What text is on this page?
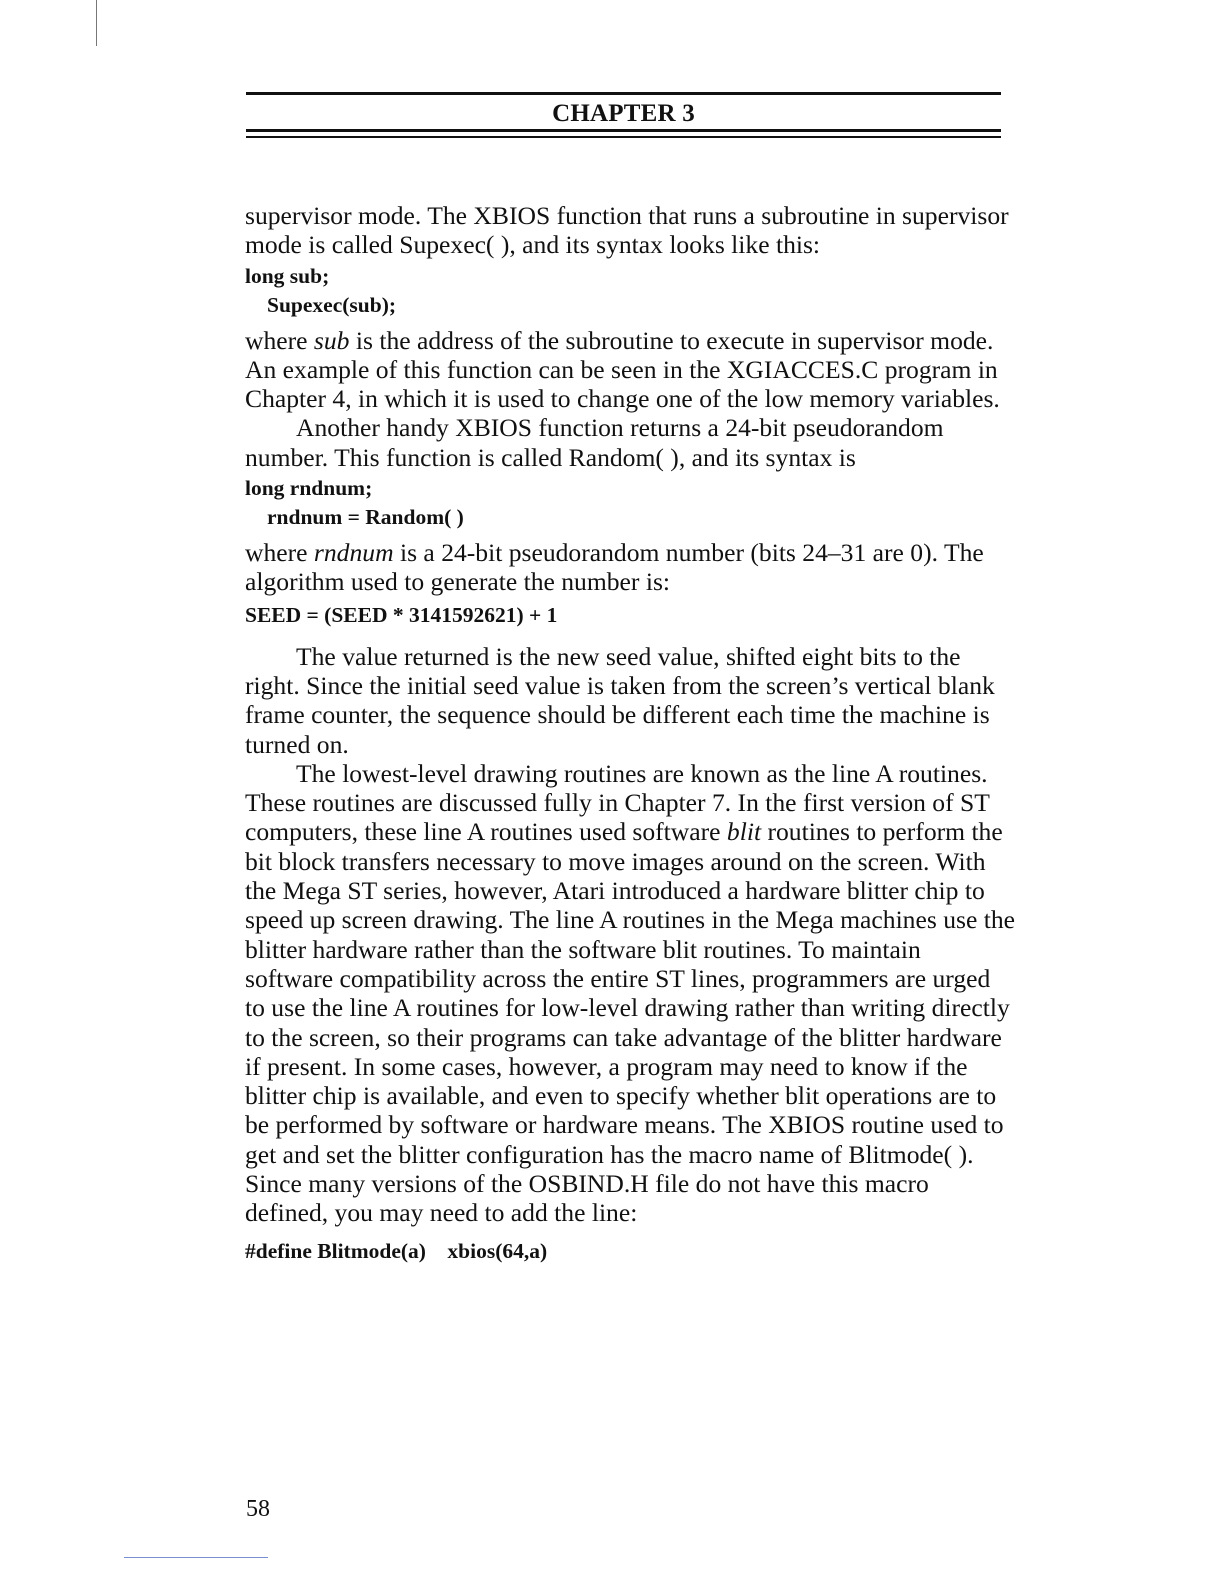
CHAPTER 3

supervisor mode. The XBIOS function that runs a subroutine in supervisor mode is called Supexec( ), and its syntax looks like this:

long sub;

Supexec(sub);

where sub is the address of the subroutine to execute in supervisor mode. An example of this function can be seen in the XGIACCES.C program in Chapter 4, in which it is used to change one of the low memory variables.

Another handy XBIOS function returns a 24-bit pseudorandom number. This function is called Random( ), and its syntax is

long rndnum;

rndnum = Random( )

where rndnum is a 24-bit pseudorandom number (bits 24–31 are 0). The algorithm used to generate the number is:

SEED = (SEED * 3141592621) + 1

The value returned is the new seed value, shifted eight bits to the right. Since the initial seed value is taken from the screen’s vertical blank frame counter, the sequence should be different each time the machine is turned on.

The lowest-level drawing routines are known as the line A routines. These routines are discussed fully in Chapter 7. In the first version of ST computers, these line A routines used software blit routines to perform the bit block transfers necessary to move images around on the screen. With the Mega ST series, however, Atari introduced a hardware blitter chip to speed up screen drawing. The line A routines in the Mega machines use the blitter hardware rather than the software blit routines. To maintain software compatibility across the entire ST lines, programmers are urged to use the line A routines for low-level drawing rather than writing directly to the screen, so their programs can take advantage of the blitter hardware if present. In some cases, however, a program may need to know if the blitter chip is available, and even to specify whether blit operations are to be performed by software or hardware means. The XBIOS routine used to get and set the blitter configuration has the macro name of Blitmode( ). Since many versions of the OSBIND.H file do not have this macro defined, you may need to add the line:

#define Blitmode(a)    xbios(64,a)

58
